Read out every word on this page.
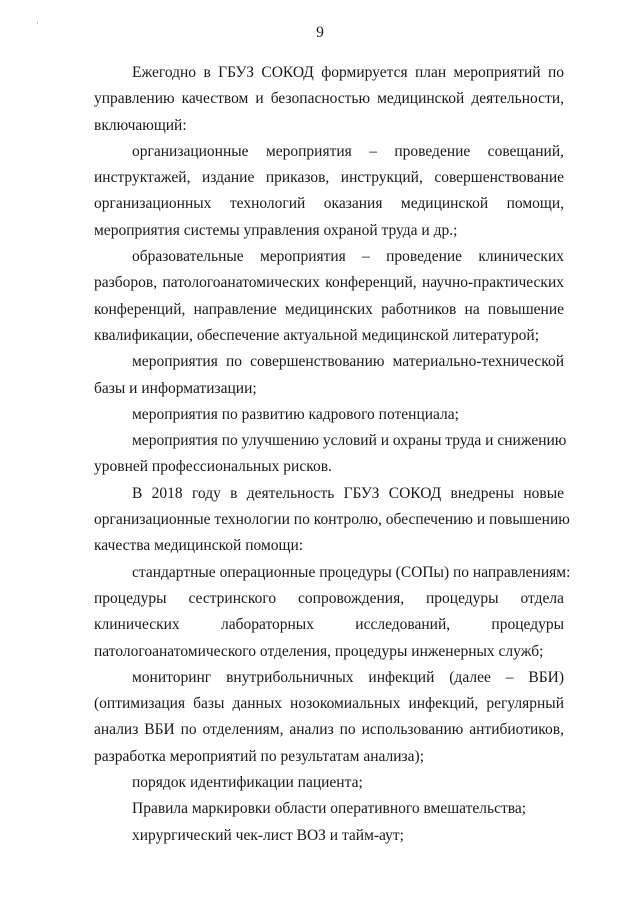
·
9
Ежегодно в ГБУЗ СОКОД формируется план мероприятий по
управлению качеством и безопасностью медицинской деятельности,
включающий:
организационные мероприятия – проведение совещаний,
инструктажей, издание приказов, инструкций, совершенствование
организационных технологий оказания медицинской помощи,
мероприятия системы управления охраной труда и др.;
образовательные мероприятия – проведение клинических
разборов, патологоанатомических конференций, научно-практических
конференций, направление медицинских работников на повышение
квалификации, обеспечение актуальной медицинской литературой;
мероприятия по совершенствованию материально-технической
базы и информатизации;
мероприятия по развитию кадрового потенциала;
мероприятия по улучшению условий и охраны труда и снижению
уровней профессиональных рисков.
В 2018 году в деятельность ГБУЗ СОКОД внедрены новые
организационные технологии по контролю, обеспечению и повышению
качества медицинской помощи:
стандартные операционные процедуры (СОПы) по направлениям:
процедуры сестринского сопровождения, процедуры отдела
клинических лабораторных исследований, процедуры
патологоанатомического отделения, процедуры инженерных служб;
мониторинг внутрибольничных инфекций (далее – ВБИ)
(оптимизация базы данных нозокомиальных инфекций, регулярный
анализ ВБИ по отделениям, анализ по использованию антибиотиков,
разработка мероприятий по результатам анализа);
порядок идентификации пациента;
Правила маркировки области оперативного вмешательства;
хирургический чек-лист ВОЗ и тайм-аут;
